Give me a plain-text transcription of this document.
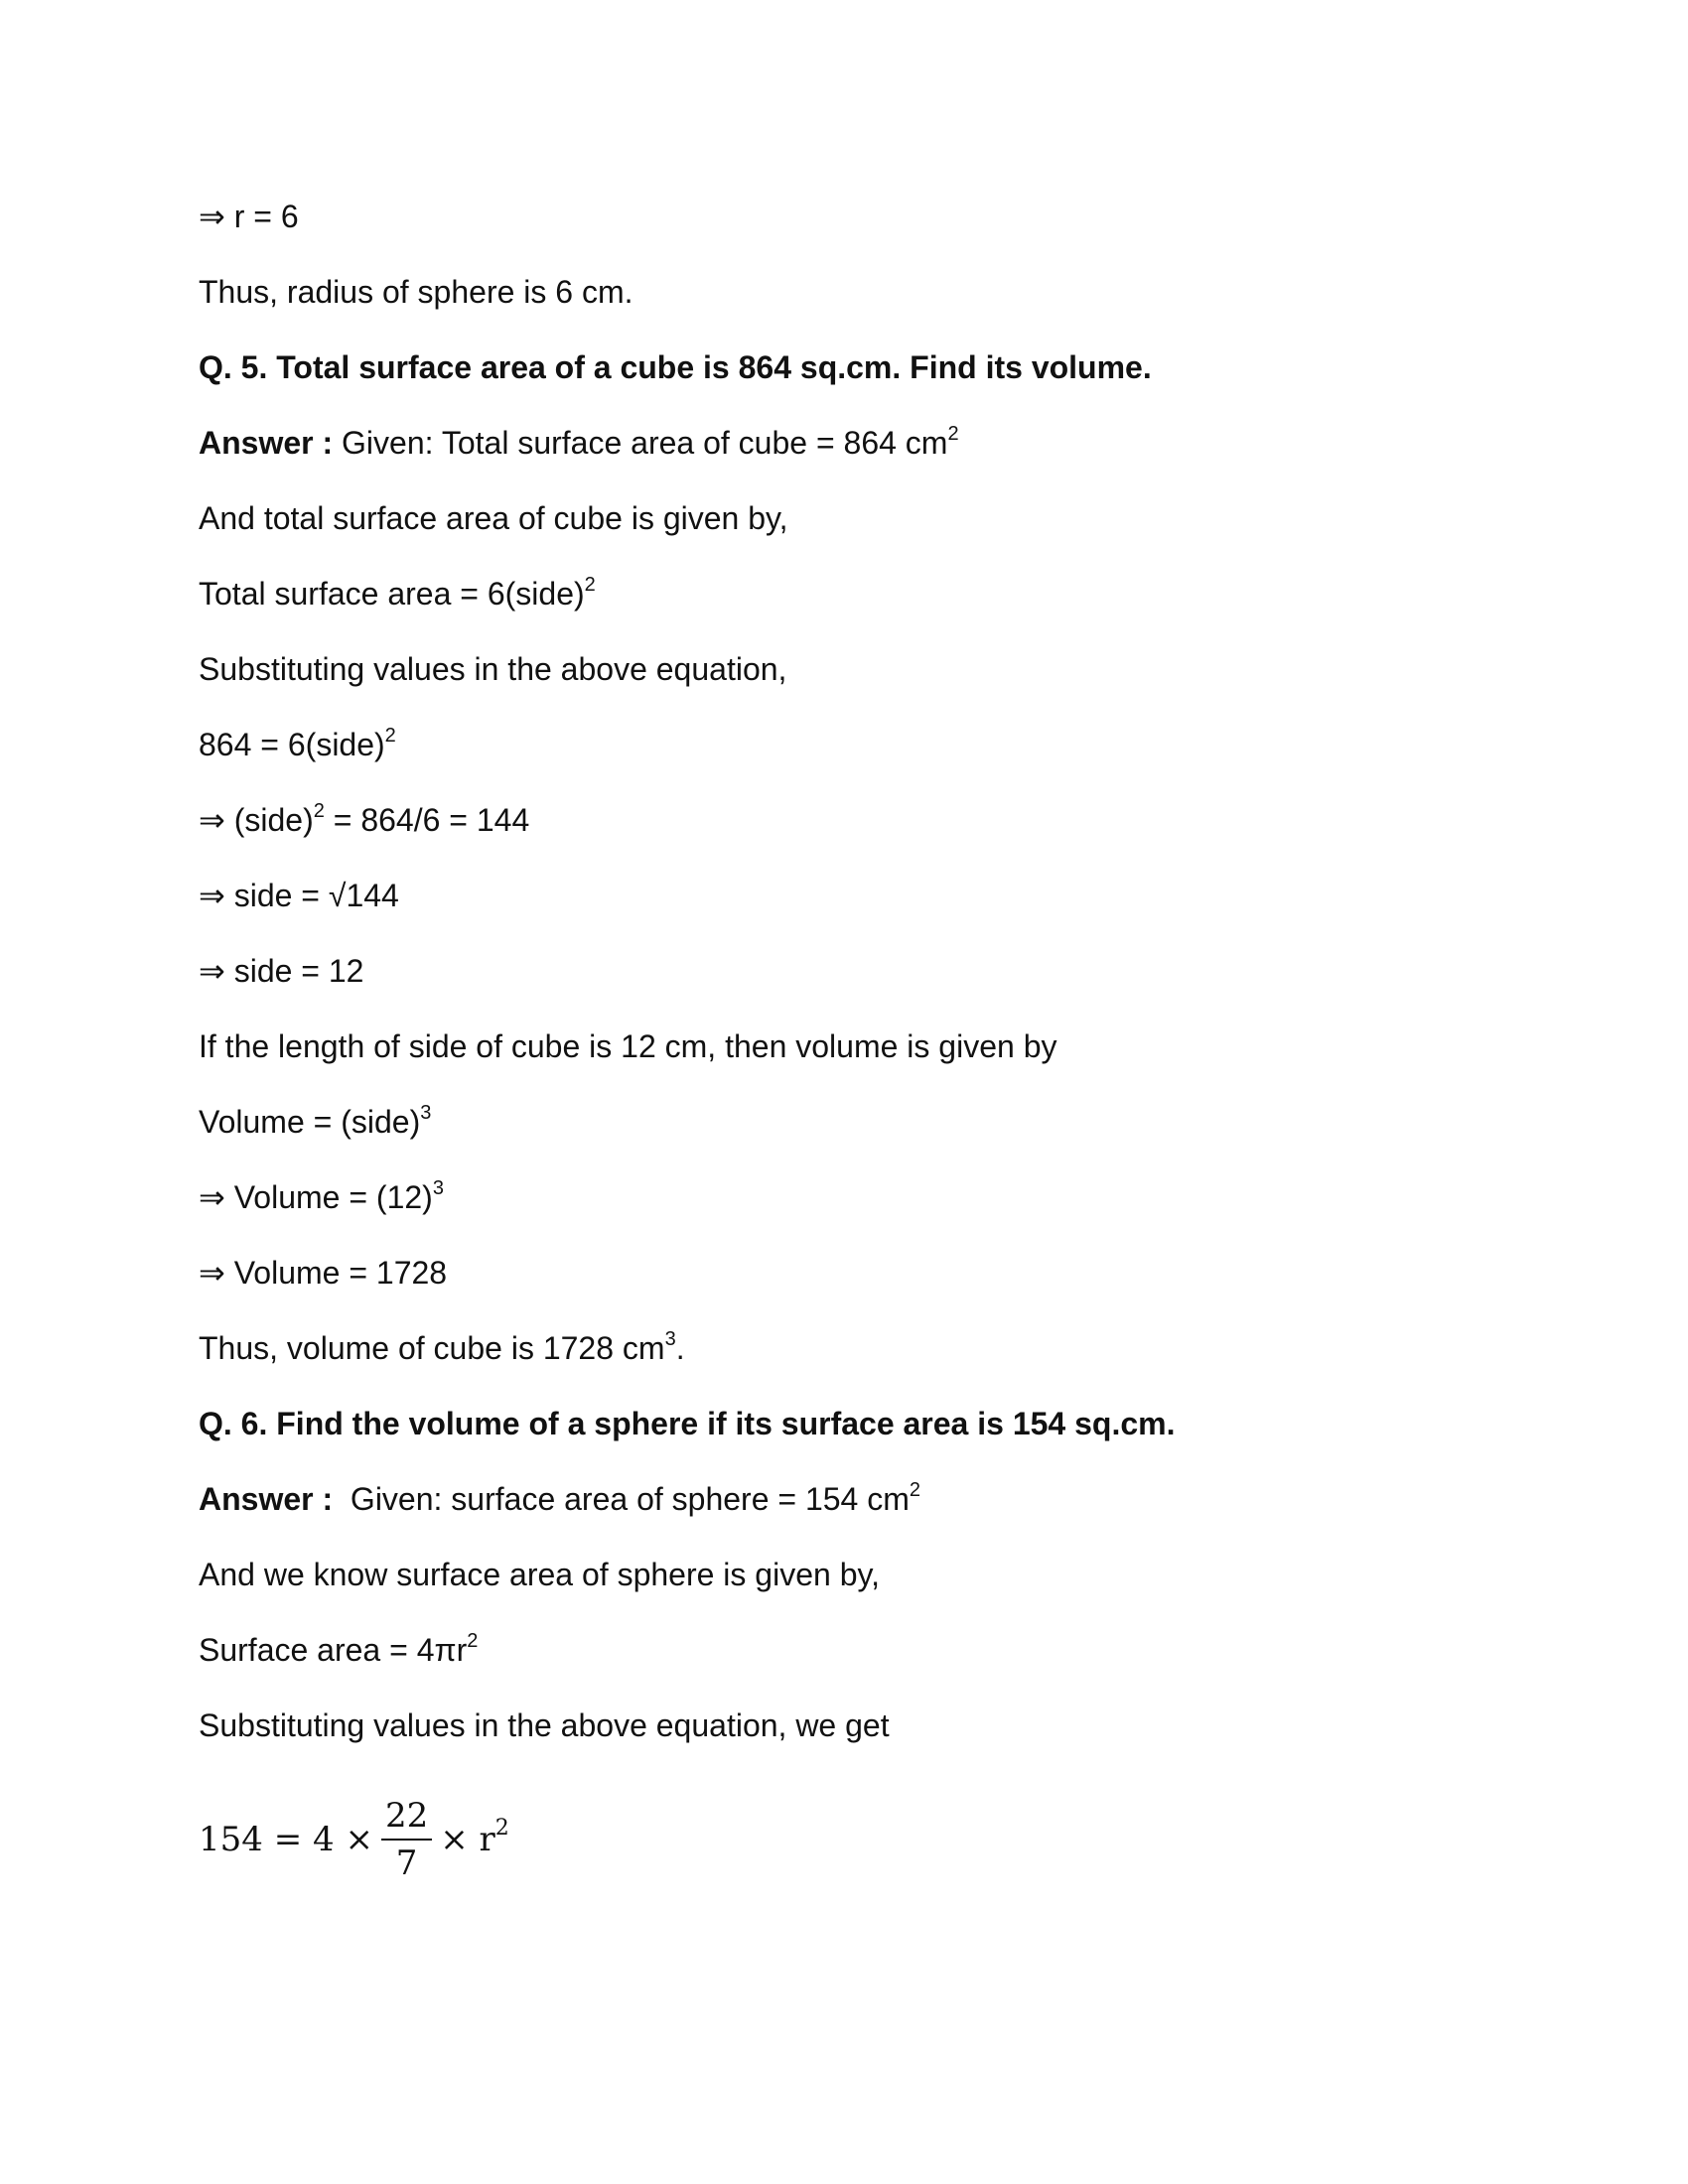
⇒ r = 6
Thus, radius of sphere is 6 cm.
Q. 5. Total surface area of a cube is 864 sq.cm. Find its volume.
Answer : Given: Total surface area of cube = 864 $cm^2$
And total surface area of cube is given by,
Total surface area = 6(side)$^2$
Substituting values in the above equation,
864 = 6(side)$^2$
⇒ (side)$^2$ = 864/6 = 144
⇒ side = √144
⇒ side = 12
If the length of side of cube is 12 cm, then volume is given by
Volume = (side)$^3$
⇒ Volume = $(12)^3$
⇒ Volume = 1728
Thus, volume of cube is 1728 $cm^3$.
Q. 6. Find the volume of a sphere if its surface area is 154 sq.cm.
Answer :  Given: surface area of sphere = 154 $cm^2$
And we know surface area of sphere is given by,
Surface area = $4\pi r^2$
Substituting values in the above equation, we get
$154 = 4 \times \frac{22}{7} \times r^2$
